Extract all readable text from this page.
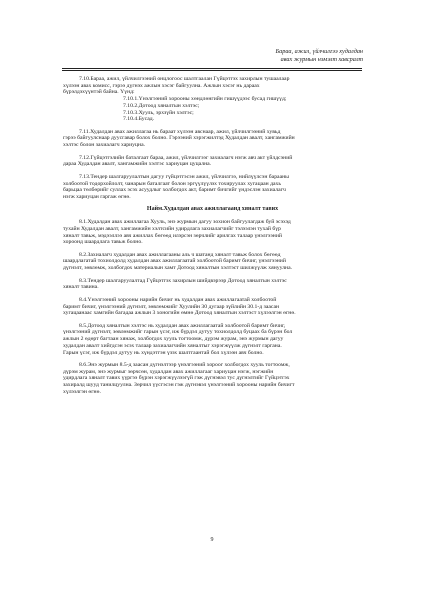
Бараа, ажил, үйлчилгээ худалдан
авах журмын нэмэлт хавсралт
7.10.Бараа, ажил, үйлчилгээний онцлогоос шалтгаалан Гүйцэтгэх захирлын тушаалаар
хүлээн авах комисс, гэрээ дүгнэх ажлын хэсэг байгуулна. Ажлын хэсэг нь дараах
бүрэлдэхүүнтэй байна. Үүнд:
7.10.1.Үнэлгээний хорооны хөндлөнгийн гишүүдээс бусад гишүүд;
7.10.2.Дотоод хяналтын хэлтэс;
7.10.3.Хууль, эрхзүйн хэлтэс;
7.10.4.Бусад.
7.11.Худалдан авах ажиллагаа нь бараат хүлээн авснаар, ажил, үйлчилгээний хувьд
гэрээ байгуулснаар дуусгавар болох болно. Гэрээний хэрэгжилтэд Худалдан авалт, хангамжийн
хэлтэс болон захиалагч хариуцна.
7.12.Гүйцэтгэлийн баталгаат бараа, ажил, үйлчилгээг захиалагч нэгж авч акт үйлдсэний
дараа Худалдан авалт, хангамжийн хэлтэс хариуцан цуцална.
7.13.Тендер шалгаруулалтын дагуу гүйцэтгэсэн ажил, үйлчилгээ, нийлүүлсэн барааны
холбоотой тодорхойлолт, чанарын баталгаат болон эргүүлүүлэх тохируулах хугацаан дахь
барьцаа төлбөрийг суллах эсэх асуудлыг холбогдох акт, баримт бичгийг үндэслэн захиалагч
нэгж хариуцан гаргаж өгнө.
Найм.Худалдан авах ажиллагаанд хяналт тавих
8.1.Худалдан авах ажиллагаа Хууль, энэ журмын дагуу зохион байгуулагдаж буй эсэхэд
тухайн Худалдан авалт, хангамжийн хэлтсийн удирдлага захиалагчийг тэлээлэн тухай бүр
хяналт тавьж, мэдээллээ авч ажиллах бөгөөд илэрсэн зөрчлийг арилгах талаар үнэлгээний
хороонд шаардлага тавьж болно.
8.2.Захиалагч худалдан авах ажиллагааны аль ч шатанд хяналт тавьж болох бөгөөд
шаардлагатай тохиолдолд худалдан авах ажиллагаатай холбоотой баримт бичиг, үнэлгээний
дүгнэлт, зөвлөмж, холбогдох материалын хамт Дотоод хяналтын хэлтэст шилжүүлж хянуулна.
8.3.Тендер шалгаруулалтад Гүйцэтгэх захирлын шийдвэрээр Дотоод хяналтын хэлтэс
хяналт тавина.
8.4.Үнэлгээний хорооны нарийн бичиг нь худалдан авах ажиллагаатай холбоотой
баримт бичиг, үнэлгээний дүгнэлт, зөвлөмжийг Хуулийн 30 дугаар зүйлийн 30.1-д заасан
хугацаанаас хамгийн багадаа ажлын 3 хоногийн өмнө Дотоод хяналтын хэлтэст хүлээлгэн өгнө.
8.5.Дотоод хяналтын хэлтэс нь худалдан авах ажиллагаатай холбоотой баримт бичиг,
үнэлгээний дүгнэлт, зөвлөмжийг гарын үсэг, иж бүрдэл дутуу тохиолдолд буцаах ба бүрэн бол
ажлын 2 өдөрт багтаан хянаж, холбогдох хууль тогтоомж, дүрэм журам, энэ журмын дагуу
худалдан авалт хийгдсэн эсэх талаар захиалагчийн хяналтыг хэрэгжүүлж дүгнэлт гаргана.
Гарын үсэг, иж бүрдэл дутуу нь хүндэтгэн үзэх шалтгаантай бол хүлээн авч болно.
8.6.Энэ журмын 8.5-д заасан дүгнэлтээр үнэлгээний хороог холбогдох хууль тогтоомж,
дүрэм журам, энэ журмыг зөрчсөн, худалдан авах ажиллагааг хариуцан нэгж, нэгжийн
удирдлага хяналт тавих үүргээ бүрэн хэрэгжүүлээгүй гэж дүгнэвэл тус дүгнэлтийг Гүйцэтгэх
захиралд шууд танилцуулна. Зөрчил үүсгэсэн гэж дүгнэвэл үнэлгээний хорооны нарийн бичигт
хүлээлгэн өгнө.
9
